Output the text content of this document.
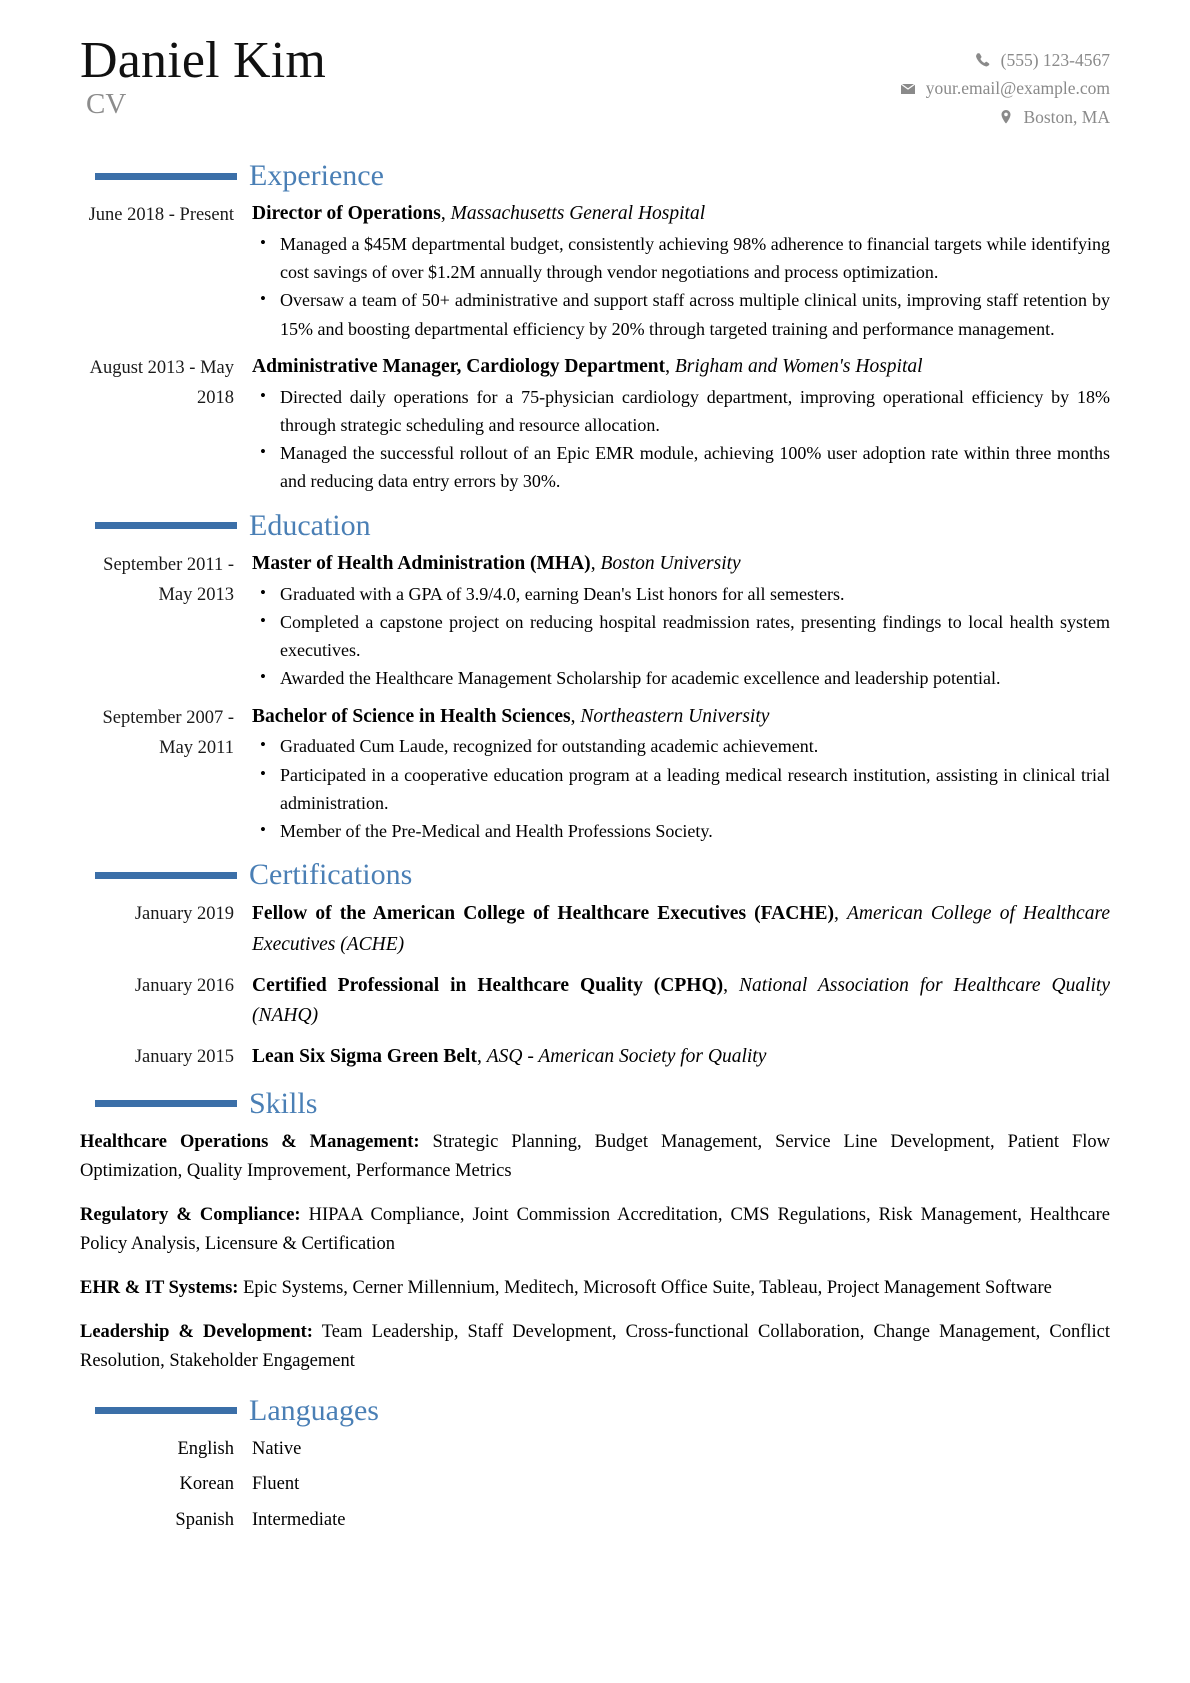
Daniel Kim
CV
(555) 123-4567
your.email@example.com
Boston, MA
Experience
June 2018 - Present Director of Operations, Massachusetts General Hospital
• Managed a $45M departmental budget, consistently achieving 98% adherence to financial targets while identifying cost savings of over $1.2M annually through vendor negotiations and process optimization.
• Oversaw a team of 50+ administrative and support staff across multiple clinical units, improving staff retention by 15% and boosting departmental efficiency by 20% through targeted training and performance management.
August 2013 - May 2018
Administrative Manager, Cardiology Department, Brigham and Women's Hospital
• Directed daily operations for a 75-physician cardiology department, improving operational efficiency by 18% through strategic scheduling and resource allocation.
• Managed the successful rollout of an Epic EMR module, achieving 100% user adoption rate within three months and reducing data entry errors by 30%.
Education
September 2011 - May 2013
Master of Health Administration (MHA), Boston University
• Graduated with a GPA of 3.9/4.0, earning Dean's List honors for all semesters.
• Completed a capstone project on reducing hospital readmission rates, presenting findings to local health system executives.
• Awarded the Healthcare Management Scholarship for academic excellence and leadership potential.
September 2007 - May 2011
Bachelor of Science in Health Sciences, Northeastern University
• Graduated Cum Laude, recognized for outstanding academic achievement.
• Participated in a cooperative education program at a leading medical research institution, assisting in clinical trial administration.
• Member of the Pre-Medical and Health Professions Society.
Certifications
January 2019 Fellow of the American College of Healthcare Executives (FACHE), American College of Healthcare Executives (ACHE)
January 2016 Certified Professional in Healthcare Quality (CPHQ), National Association for Healthcare Quality (NAHQ)
January 2015 Lean Six Sigma Green Belt, ASQ - American Society for Quality
Skills
Healthcare Operations & Management: Strategic Planning, Budget Management, Service Line Development, Patient Flow Optimization, Quality Improvement, Performance Metrics
Regulatory & Compliance: HIPAA Compliance, Joint Commission Accreditation, CMS Regulations, Risk Management, Healthcare Policy Analysis, Licensure & Certification
EHR & IT Systems: Epic Systems, Cerner Millennium, Meditech, Microsoft Office Suite, Tableau, Project Management Software
Leadership & Development: Team Leadership, Staff Development, Cross-functional Collaboration, Change Management, Conflict Resolution, Stakeholder Engagement
Languages
English Native
Korean Fluent
Spanish Intermediate
